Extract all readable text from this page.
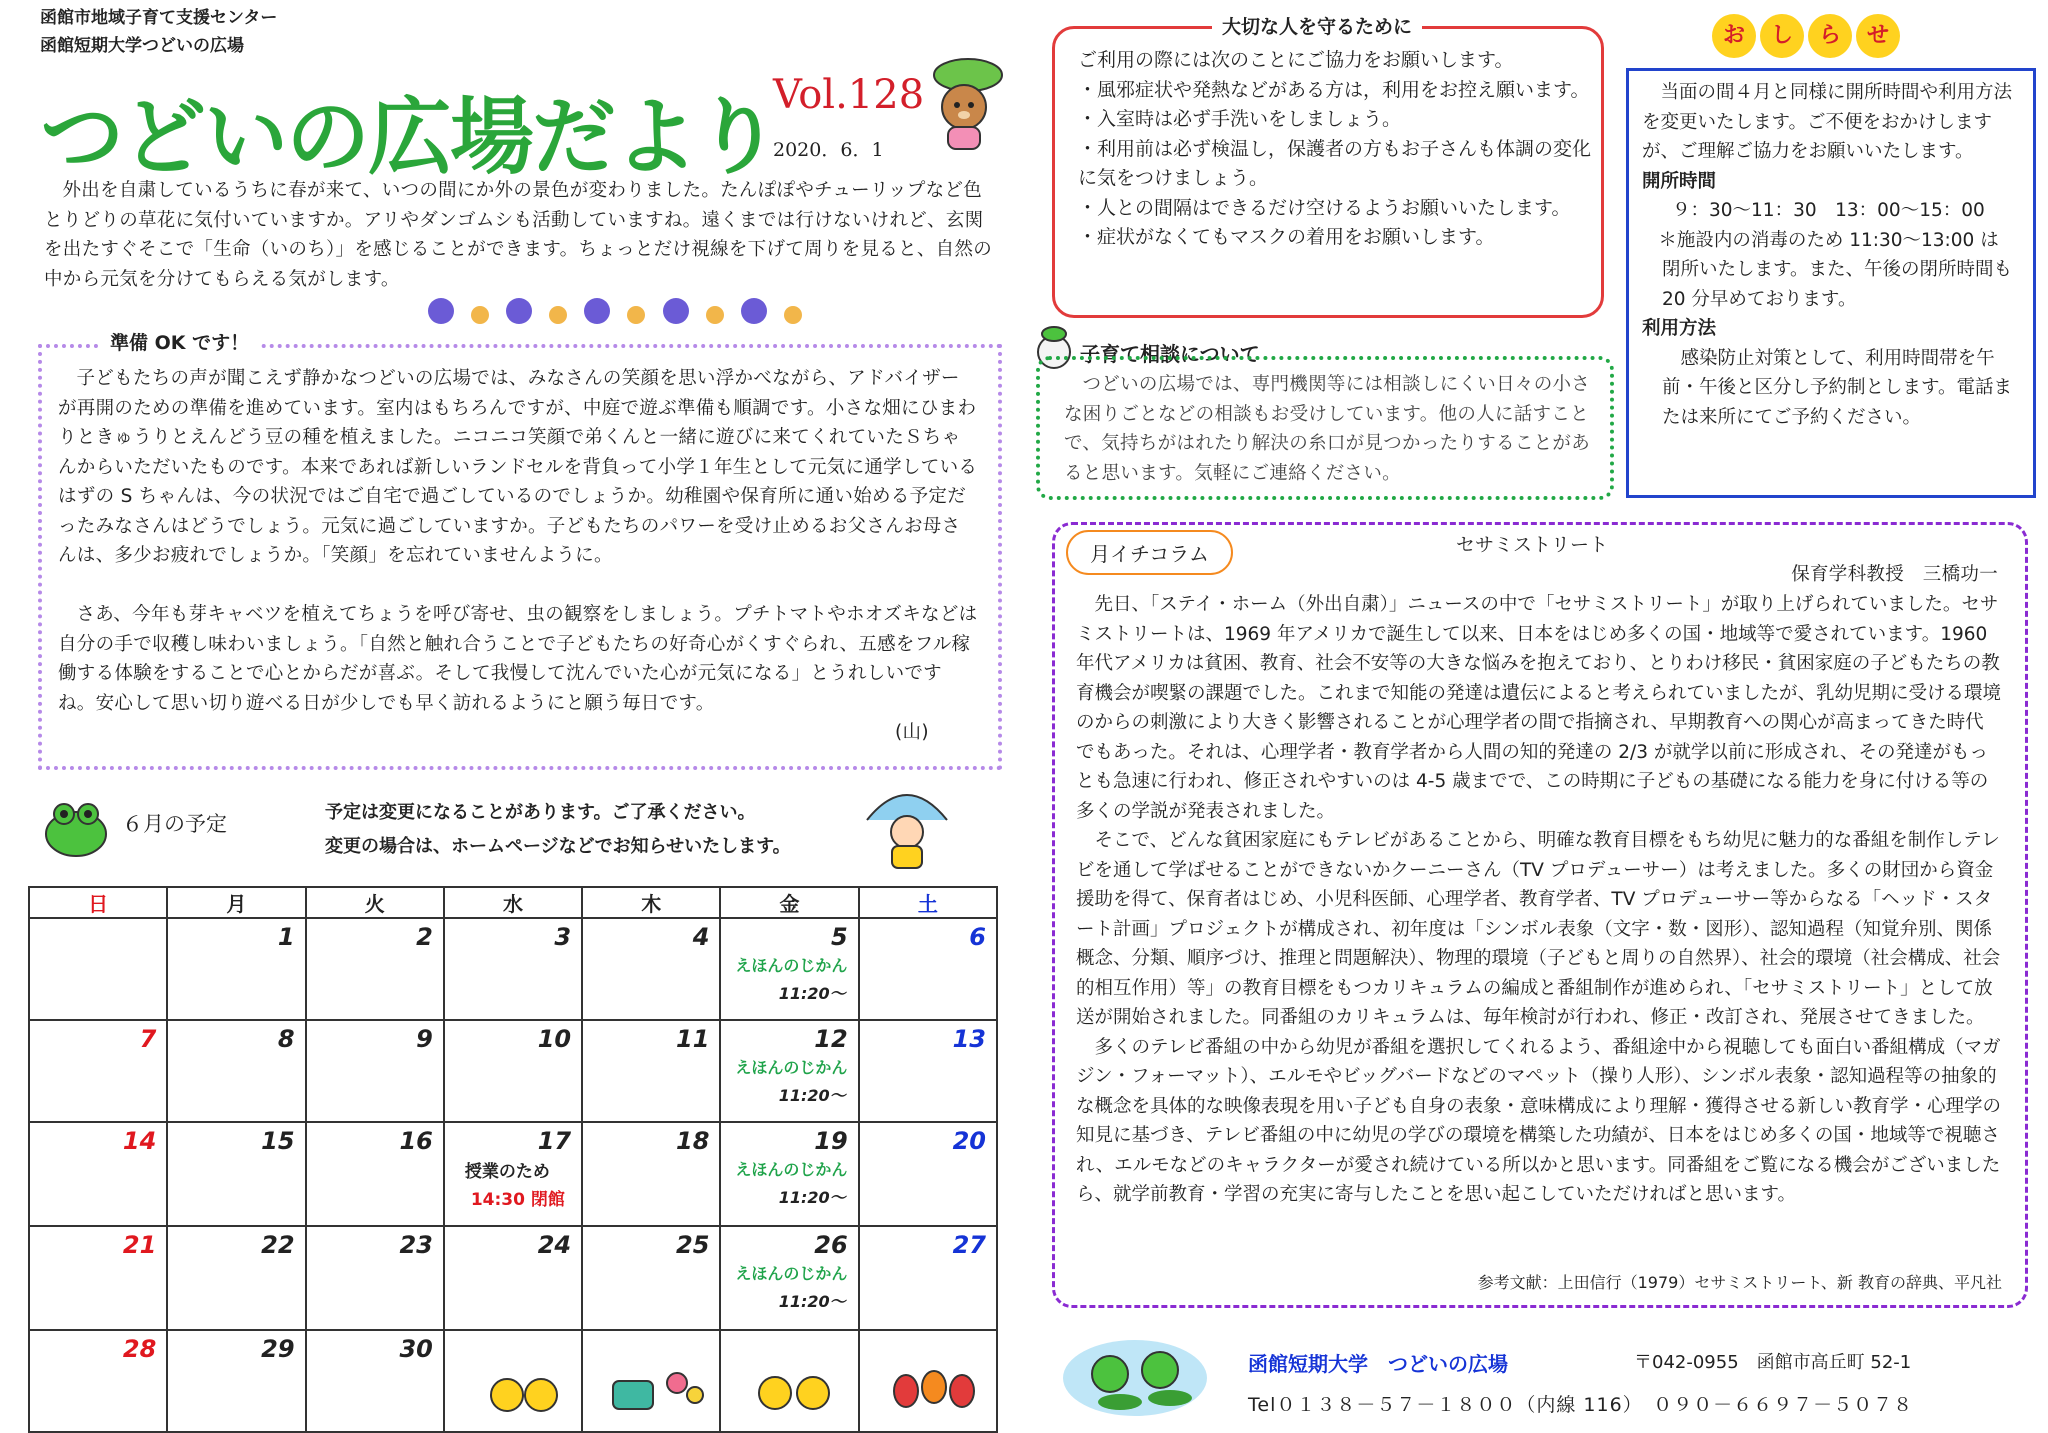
函館市地域子育て支援センター
函館短期大学つどいの広場
つどいの広場だより
Vol.128
2020．6．1
外出を自粛しているうちに春が来て、いつの間にか外の景色が変わりました。たんぽぽやチューリップなど色とりどりの草花に気付いていますか。アリやダンゴムシも活動していますね。遠くまでは行けないけれど、玄関を出たすぐそこで「生命（いのち）」を感じることができます。ちょっとだけ視線を下げて周りを見ると、自然の中から元気を分けてもらえる気がします。

準備 OK です！
子どもたちの声が聞こえず静かなつどいの広場では、みなさんの笑顔を思い浮かべながら、アドバイザーが再開のための準備を進めています。室内はもちろんですが、中庭で遊ぶ準備も順調です。小さな畑にひまわりときゅうりとえんどう豆の種を植えました。ニコニコ笑顔で弟くんと一緒に遊びに来てくれていたＳちゃんからいただいたものです。本来であれば新しいランドセルを背負って小学１年生として元気に通学しているはずの S ちゃんは、今の状況ではご自宅で過ごしているのでしょうか。幼稚園や保育所に通い始める予定だったみなさんはどうでしょう。元気に過ごしていますか。子どもたちのパワーを受け止めるお父さんお母さんは、多少お疲れでしょうか。「笑顔」を忘れていませんように。
さあ、今年も芽キャベツを植えてちょうを呼び寄せ、虫の観察をしましょう。プチトマトやホオズキなどは自分の手で収穫し味わいましょう。「自然と触れ合うことで子どもたちの好奇心がくすぐられ、五感をフル稼働する体験をすることで心とからだが喜ぶ。そして我慢して沈んでいた心が元気になる」とうれしいですね。安心して思い切り遊べる日が少しでも早く訪れるようにと願う毎日です。
(山)
６月の予定	予定は変更になることがあります。ご了承ください。
変更の場合は、ホームページなどでお知らせいたします。
日	月	火	水	木	金	土

	1	2	3	4	5
えほんのじかん
11:20～	6

7	8	9	10	11	12
えほんのじかん
11:20～	13

14	15	16	17
授業のため
14:30 閉館	18	19
えほんのじかん
11:20～	20

21	22	23	24	25	26
えほんのじかん
11:20～	27

28	29	30

大切な人を守るために
ご利用の際には次のことにご協力をお願いします。
・風邪症状や発熱などがある方は，利用をお控え願います。
・入室時は必ず手洗いをしましょう。
・利用前は必ず検温し，保護者の方もお子さんも体調の変化に気をつけましょう。
・人との間隔はできるだけ空けるようお願いいたします。
・症状がなくてもマスクの着用をお願いします。
お し ら せ
当面の間４月と同様に開所時間や利用方法を変更いたします。ご不便をおかけしますが、ご理解ご協力をお願いいたします。
開所時間
９：30～11：30　13：00～15：00
＊施設内の消毒のため 11:30～13:00 は閉所いたします。また、午後の閉所時間も 20 分早めております。
利用方法
感染防止対策として、利用時間帯を午前・午後と区分し予約制とします。電話または来所にてご予約ください。
子育て相談について
つどいの広場では、専門機関等には相談しにくい日々の小さな困りごとなどの相談もお受けしています。他の人に話すことで、気持ちがはれたり解決の糸口が見つかったりすることがあると思います。気軽にご連絡ください。
月イチコラム	セサミストリート
保育学科教授　三橋功一
先日、「ステイ・ホーム（外出自粛）」ニュースの中で「セサミストリート」が取り上げられていました。セサミストリートは、1969 年アメリカで誕生して以来、日本をはじめ多くの国・地域等で愛されています。1960 年代アメリカは貧困、教育、社会不安等の大きな悩みを抱えており、とりわけ移民・貧困家庭の子どもたちの教育機会が喫緊の課題でした。これまで知能の発達は遺伝によると考えられていましたが、乳幼児期に受ける環境のからの刺激により大きく影響されることが心理学者の間で指摘され、早期教育への関心が高まってきた時代でもあった。それは、心理学者・教育学者から人間の知的発達の 2/3 が就学以前に形成され、その発達がもっとも急速に行われ、修正されやすいのは 4-5 歳までで、この時期に子どもの基礎になる能力を身に付ける等の多くの学説が発表されました。
そこで、どんな貧困家庭にもテレビがあることから、明確な教育目標をもち幼児に魅力的な番組を制作しテレビを通して学ばせることができないかクーニーさん（TV プロデューサー）は考えました。多くの財団から資金援助を得て、保育者はじめ、小児科医師、心理学者、教育学者、TV プロデューサー等からなる「ヘッド・スタート計画」プロジェクトが構成され、初年度は「シンボル表象（文字・数・図形）、認知過程（知覚弁別、関係概念、分類、順序づけ、推理と問題解決）、物理的環境（子どもと周りの自然界）、社会的環境（社会構成、社会的相互作用）等」の教育目標をもつカリキュラムの編成と番組制作が進められ、「セサミストリート」として放送が開始されました。同番組のカリキュラムは、毎年検討が行われ、修正・改訂され、発展させてきました。
多くのテレビ番組の中から幼児が番組を選択してくれるよう、番組途中から視聴しても面白い番組構成（マガジン・フォーマット）、エルモやビッグバードなどのマペット（操り人形）、シンボル表象・認知過程等の抽象的な概念を具体的な映像表現を用い子ども自身の表象・意味構成により理解・獲得させる新しい教育学・心理学の知見に基づき、テレビ番組の中に幼児の学びの環境を構築した功績が、日本をはじめ多くの国・地域等で視聴され、エルモなどのキャラクターが愛され続けている所以かと思います。同番組をご覧になる機会がございましたら、就学前教育・学習の充実に寄与したことを思い起こしていただければと思います。
参考文献：上田信行（1979）セサミストリート、新 教育の辞典、平凡社
函館短期大学　つどいの広場	〒042-0955　函館市高丘町 52-1
Tel０１３８－５７－１８００（内線 116）　０９０－６６９７－５０７８
